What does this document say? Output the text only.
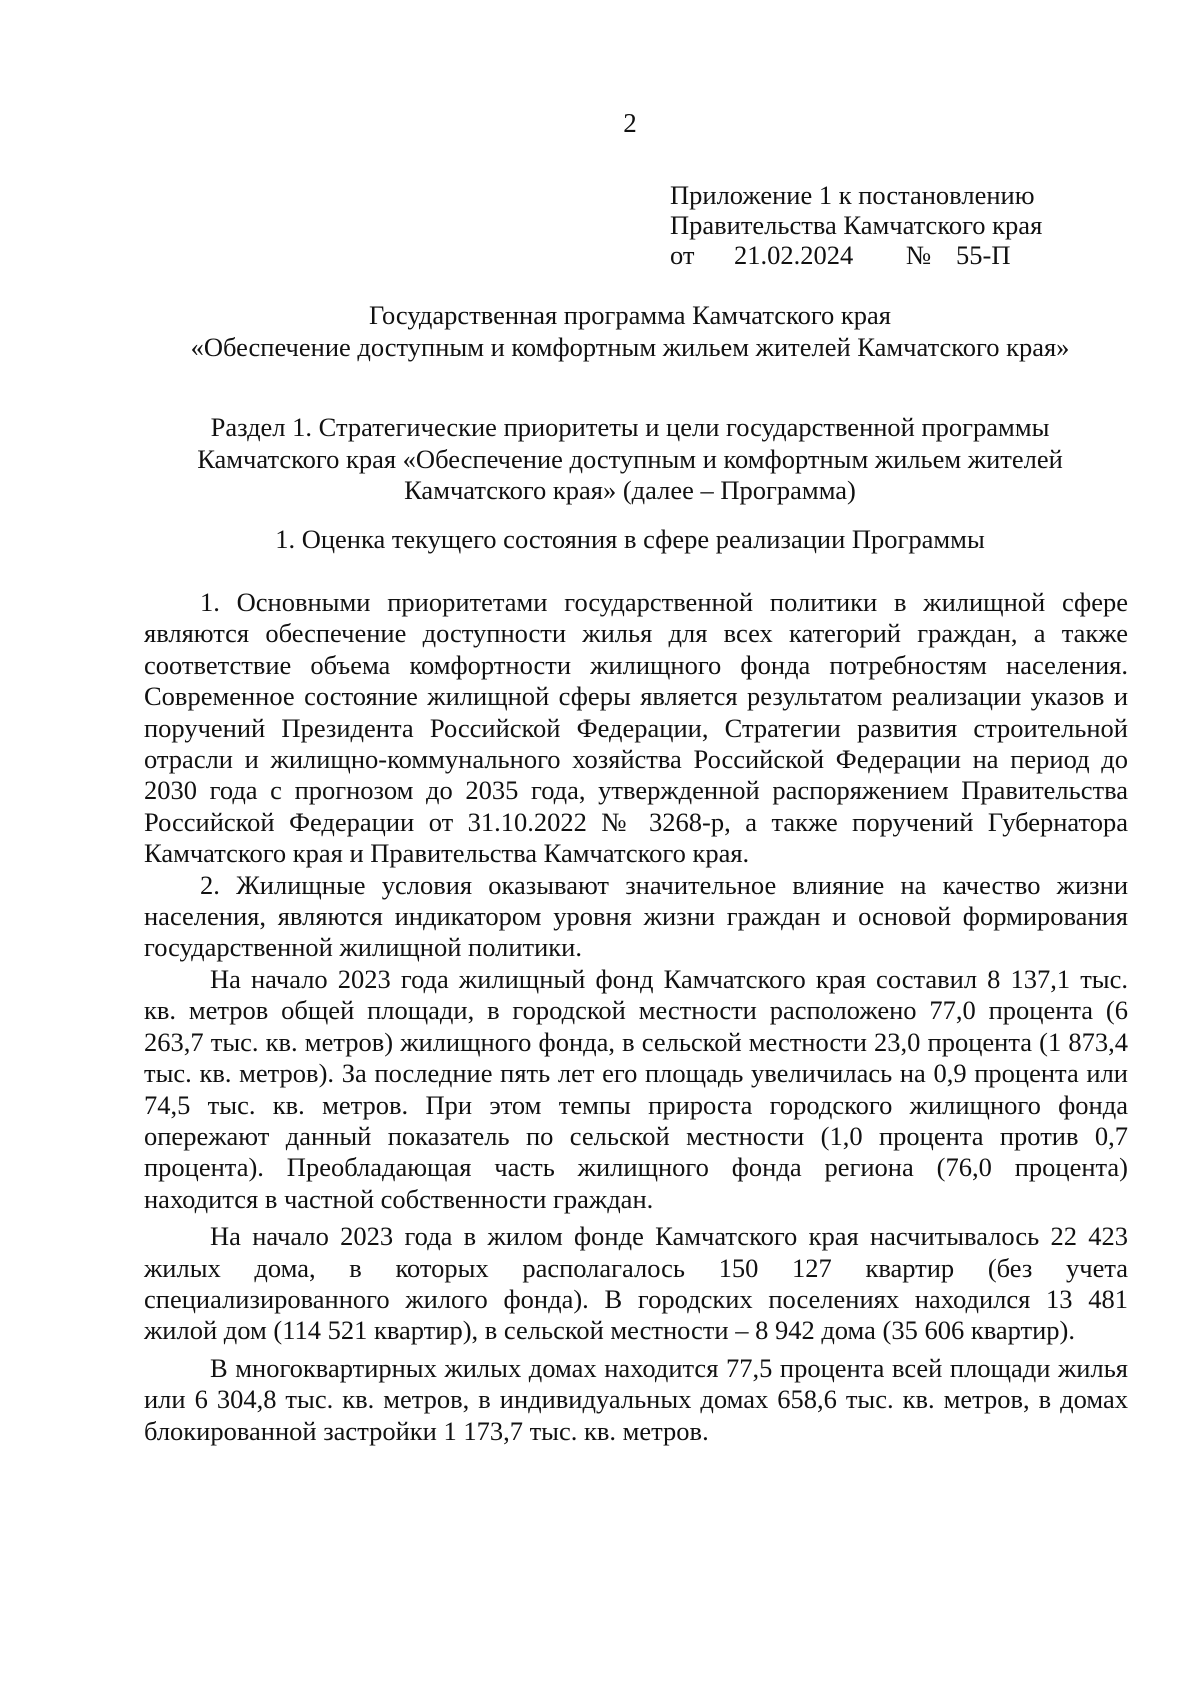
2
Приложение 1 к постановлению
Правительства Камчатского края
от 21.02.2024 № 55-П
Государственная программа Камчатского края
«Обеспечение доступным и комфортным жильем жителей Камчатского края»
Раздел 1. Стратегические приоритеты и цели государственной программы
Камчатского края «Обеспечение доступным и комфортным жильем жителей
Камчатского края» (далее – Программа)
1. Оценка текущего состояния в сфере реализации Программы

1. Основными приоритетами государственной политики в жилищной сфере являются обеспечение доступности жилья для всех категорий граждан, а также соответствие объема комфортности жилищного фонда потребностям населения. Современное состояние жилищной сферы является результатом реализации указов и поручений Президента Российской Федерации, Стратегии развития строительной отрасли и жилищно-коммунального хозяйства Российской Федерации на период до 2030 года с прогнозом до 2035 года, утвержденной распоряжением Правительства Российской Федерации от 31.10.2022 № 3268-р, а также поручений Губернатора Камчатского края и Правительства Камчатского края.

2. Жилищные условия оказывают значительное влияние на качество жизни населения, являются индикатором уровня жизни граждан и основой формирования государственной жилищной политики.

На начало 2023 года жилищный фонд Камчатского края составил 8 137,1 тыс. кв. метров общей площади, в городской местности расположено 77,0 процента (6 263,7 тыс. кв. метров) жилищного фонда, в сельской местности 23,0 процента (1 873,4 тыс. кв. метров). За последние пять лет его площадь увеличилась на 0,9 процента или 74,5 тыс. кв. метров. При этом темпы прироста городского жилищного фонда опережают данный показатель по сельской местности (1,0 процента против 0,7 процента). Преобладающая часть жилищного фонда региона (76,0 процента) находится в частной собственности граждан.

На начало 2023 года в жилом фонде Камчатского края насчитывалось 22 423 жилых дома, в которых располагалось 150 127 квартир (без учета специализированного жилого фонда). В городских поселениях находился 13 481 жилой дом (114 521 квартир), в сельской местности – 8 942 дома (35 606 квартир).

В многоквартирных жилых домах находится 77,5 процента всей площади жилья или 6 304,8 тыс. кв. метров, в индивидуальных домах 658,6 тыс. кв. метров, в домах блокированной застройки 1 173,7 тыс. кв. метров.
